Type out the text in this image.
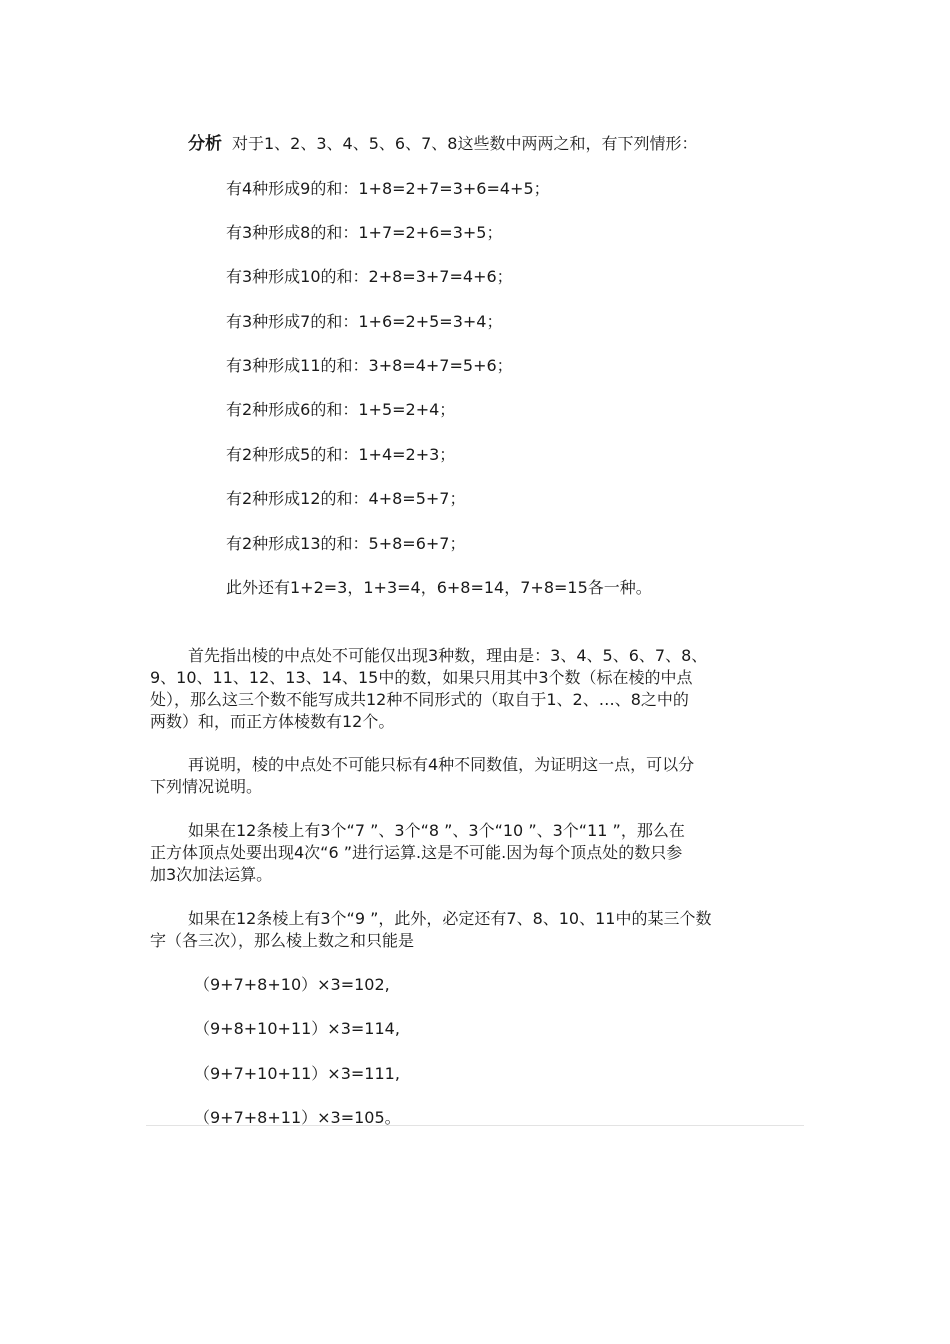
分析 对于1、2、3、4、5、6、7、8这些数中两两之和，有下列情形：
有4种形成9的和：1+8=2+7=3+6=4+5；
有3种形成8的和：1+7=2+6=3+5；
有3种形成10的和：2+8=3+7=4+6；
有3种形成7的和：1+6=2+5=3+4；
有3种形成11的和：3+8=4+7=5+6；
有2种形成6的和：1+5=2+4；
有2种形成5的和：1+4=2+3；
有2种形成12的和：4+8=5+7；
有2种形成13的和：5+8=6+7；
此外还有1+2=3，1+3=4，6+8=14，7+8=15各一种。
首先指出棱的中点处不可能仅出现3种数，理由是：3、4、5、6、7、8、
9、10、11、12、13、14、15中的数，如果只用其中3个数（标在棱的中点
处），那么这三个数不能写成共12种不同形式的（取自于1、2、…、8之中的
两数）和，而正方体棱数有12个。
再说明，棱的中点处不可能只标有4种不同数值，为证明这一点，可以分
下列情况说明。
如果在12条棱上有3个“7 ”、3个“8 ”、3个“10 ”、3个“11 ”，那么在
正方体顶点处要出现4次“6 ”进行运算.这是不可能.因为每个顶点处的数只参
加3次加法运算。
如果在12条棱上有3个“9 ”，此外，必定还有7、8、10、11中的某三个数
字（各三次），那么棱上数之和只能是
（9+7+8+10）×3=102,
（9+8+10+11）×3=114,
（9+7+10+11）×3=111,
（9+7+8+11）×3=105。
